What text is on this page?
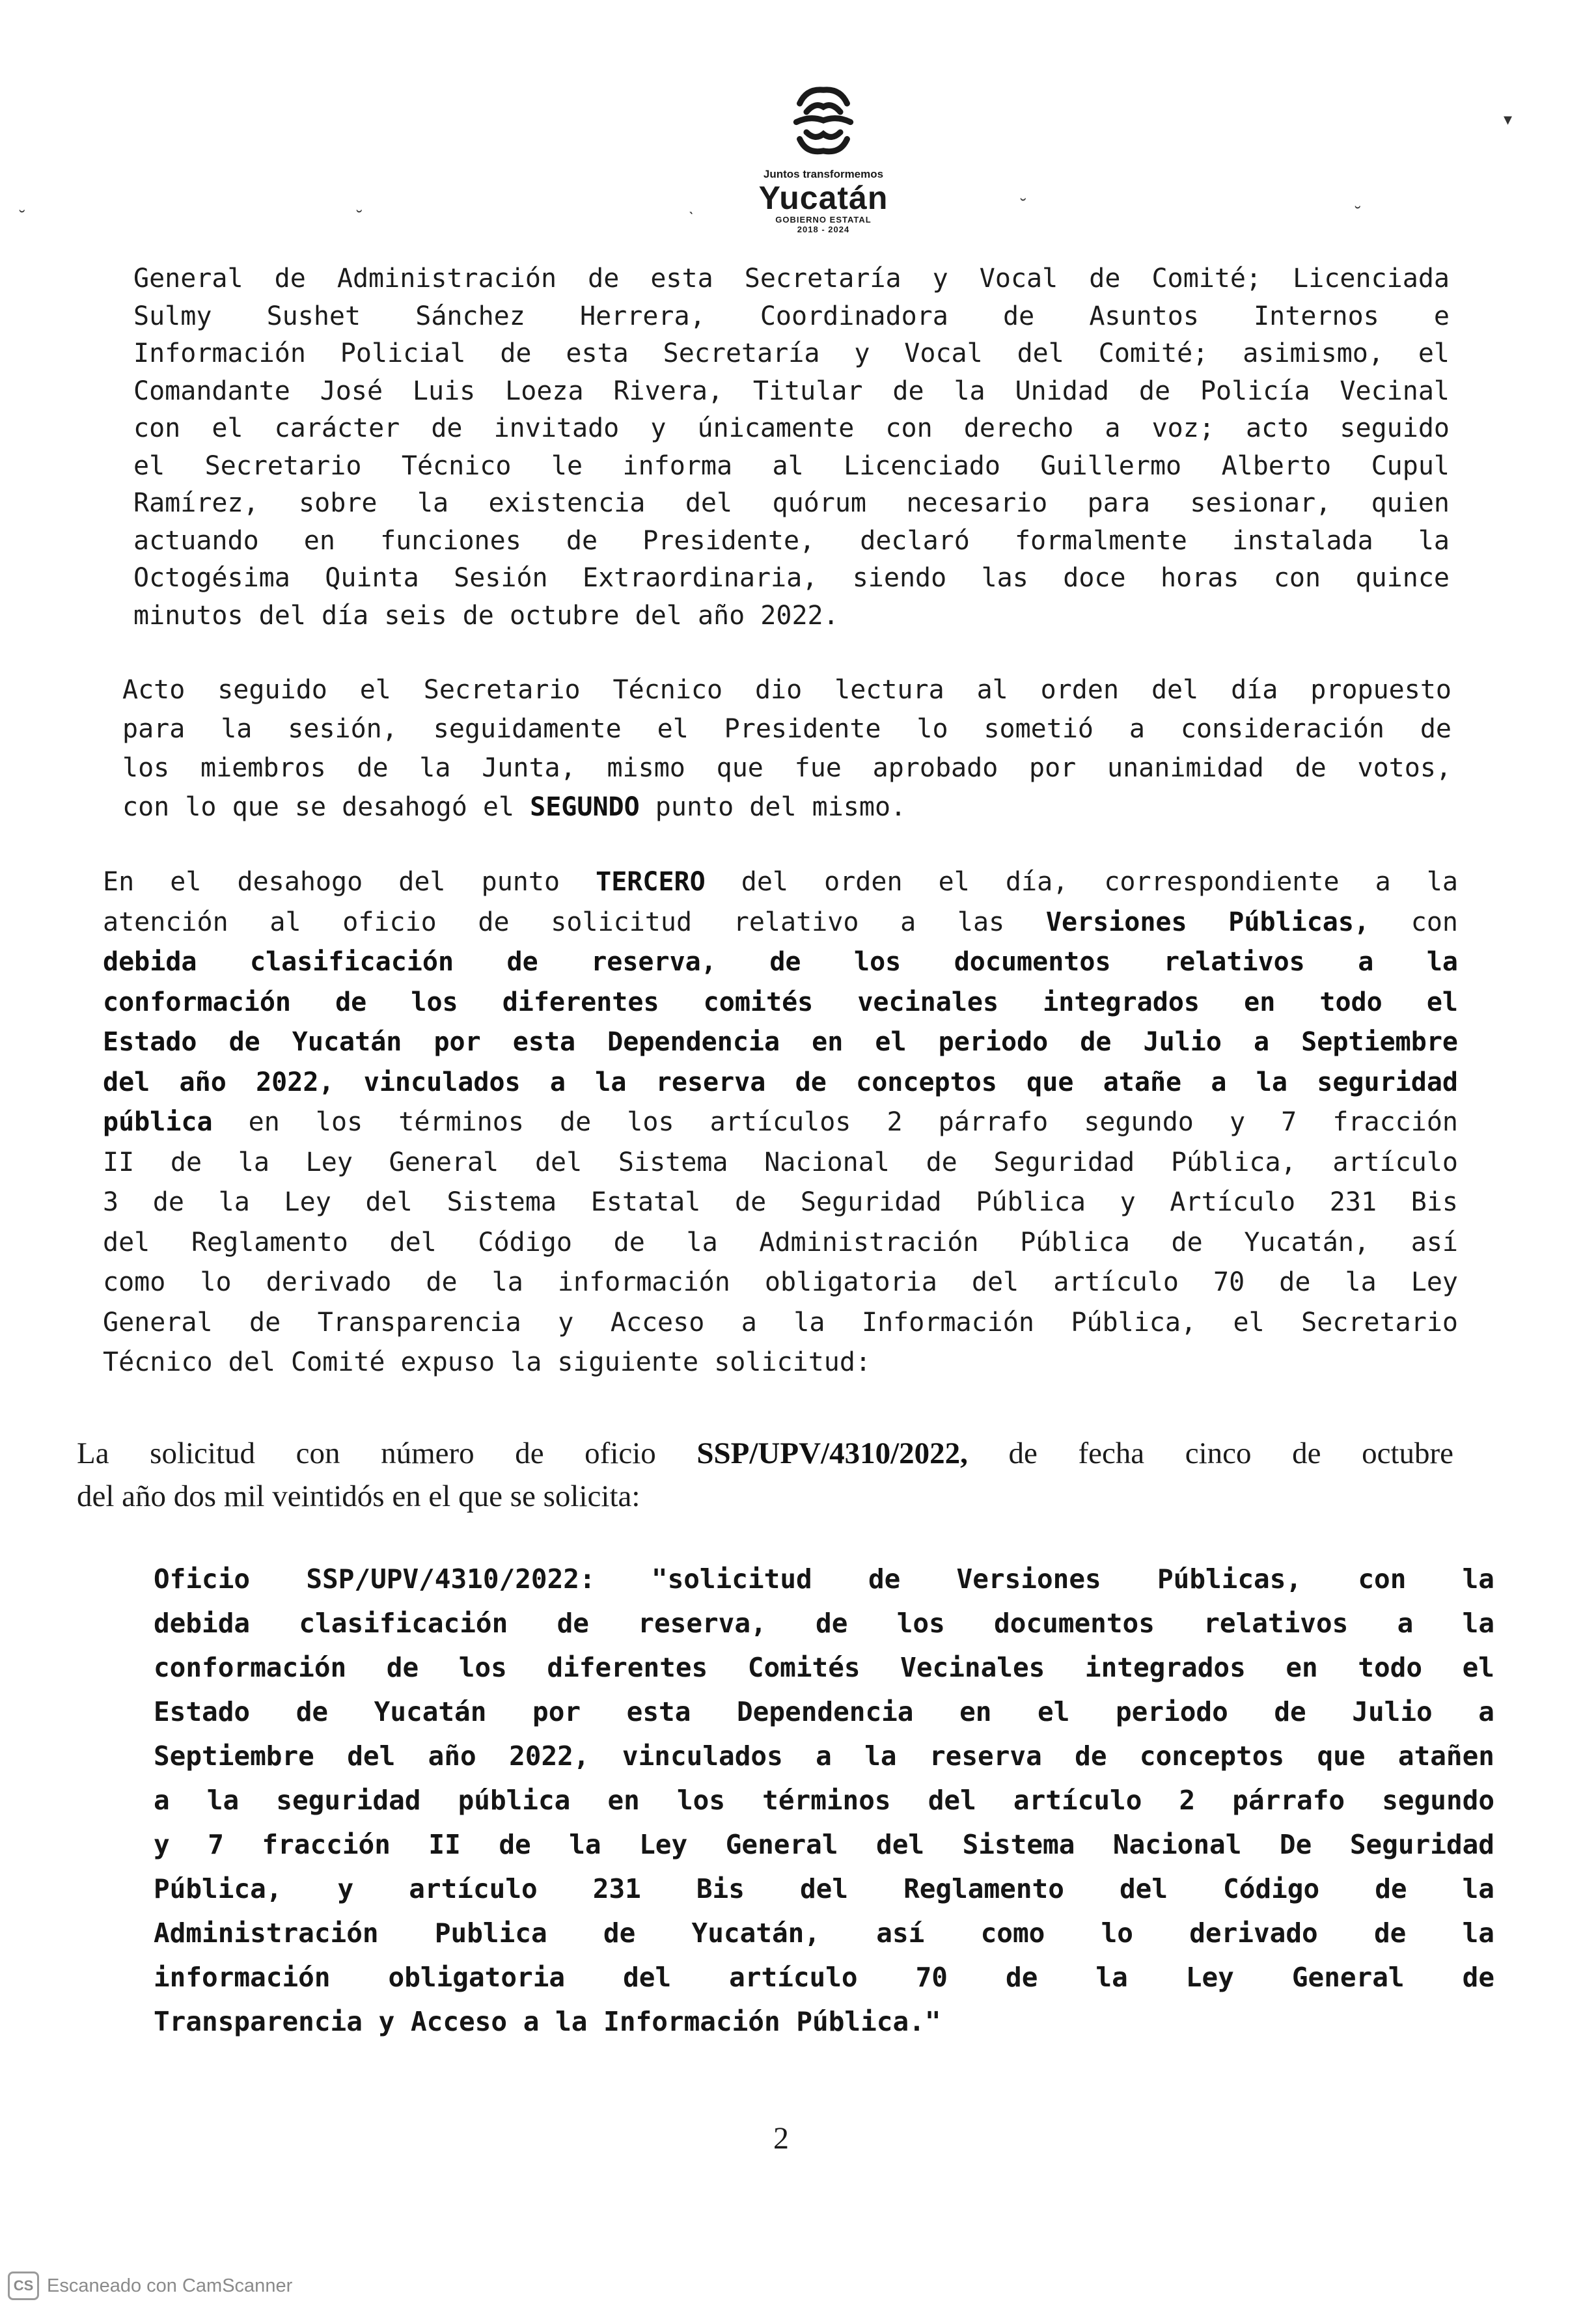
Juntos transformemos
Yucatán
GOBIERNO ESTATAL
2018 - 2024
▾
˘	˘
ˎ	˘	˘
General de Administración de esta Secretaría y Vocal de Comité; Licenciada
Sulmy Sushet Sánchez Herrera, Coordinadora de Asuntos Internos e
Información Policial de esta Secretaría y Vocal del Comité; asimismo, el
Comandante José Luis Loeza Rivera, Titular de la Unidad de Policía Vecinal
con el carácter de invitado y únicamente con derecho a voz; acto seguido
el Secretario Técnico le informa al Licenciado Guillermo Alberto Cupul
Ramírez, sobre la existencia del quórum necesario para sesionar, quien
actuando en funciones de Presidente, declaró formalmente instalada la
Octogésima Quinta Sesión Extraordinaria, siendo las doce horas con quince
minutos del día seis de octubre del año 2022.
Acto seguido el Secretario Técnico dio lectura al orden del día propuesto
para la sesión, seguidamente el Presidente lo sometió a consideración de
los miembros de la Junta, mismo que fue aprobado por unanimidad de votos,
con lo que se desahogó el SEGUNDO punto del mismo.
En el desahogo del punto TERCERO del orden el día, correspondiente a la
atención al oficio de solicitud relativo a las Versiones Públicas, con
debida clasificación de reserva, de los documentos relativos a la
conformación de los diferentes comités vecinales integrados en todo el
Estado de Yucatán por esta Dependencia en el periodo de Julio a Septiembre
del año 2022, vinculados a la reserva de conceptos que atañe a la seguridad
pública en los términos de los artículos 2 párrafo segundo y 7 fracción
II de la Ley General del Sistema Nacional de Seguridad Pública, artículo
3 de la Ley del Sistema Estatal de Seguridad Pública y Artículo 231 Bis
del Reglamento del Código de la Administración Pública de Yucatán, así
como lo derivado de la información obligatoria del artículo 70 de la Ley
General de Transparencia y Acceso a la Información Pública, el Secretario
Técnico del Comité expuso la siguiente solicitud:
La solicitud con número de oficio SSP/UPV/4310/2022, de fecha cinco de octubre
del año dos mil veintidós en el que se solicita:
Oficio SSP/UPV/4310/2022: "solicitud de Versiones Públicas, con la
debida clasificación de reserva, de los documentos relativos a la
conformación de los diferentes Comités Vecinales integrados en todo el
Estado de Yucatán por esta Dependencia en el periodo de Julio a
Septiembre del año 2022, vinculados a la reserva de conceptos que atañen
a la seguridad pública en los términos del artículo 2 párrafo segundo
y 7 fracción II de la Ley General del Sistema Nacional De Seguridad
Pública, y artículo 231 Bis del Reglamento del Código de la
Administración Publica de Yucatán, así como lo derivado de la
información obligatoria del artículo 70 de la Ley General de
Transparencia y Acceso a la Información Pública."
2
CS Escaneado con CamScanner
